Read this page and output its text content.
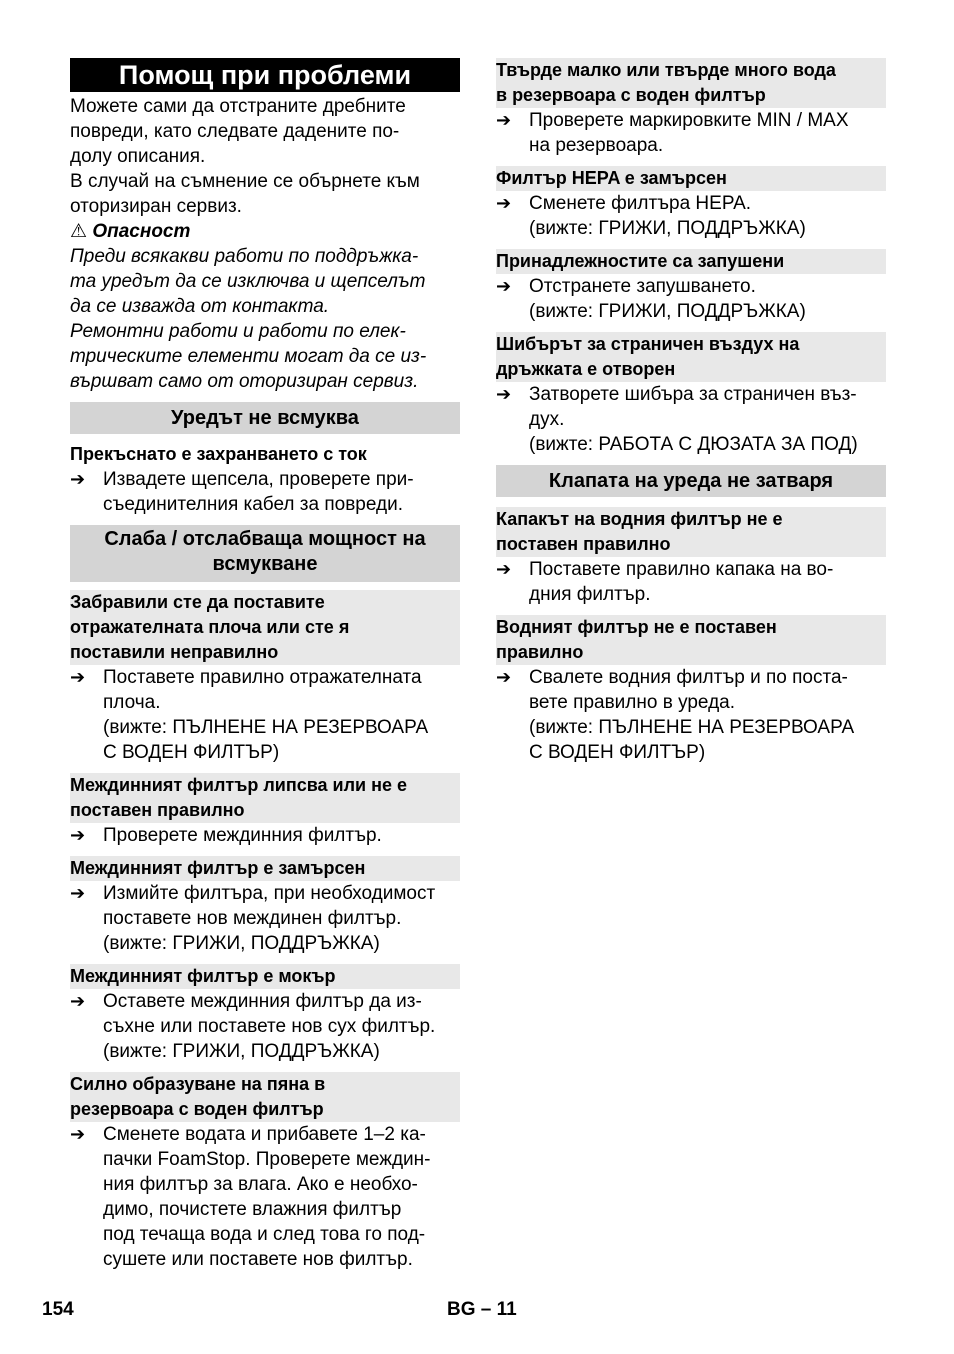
Помощ при проблеми

Можете сами да отстраните дребните
повреди, като следвате дадените по-
долу описания.

В случай на съмнение се обърнете към
оторизиран сервиз.

⚠ Опасност
Преди всякакви работи по поддръжка-
та уредът да се изключва и щепселът
да се изважда от контакта.
Ремонтни работи и работи по елек-
трическите елементи могат да се из-
вършват само от оторизиран сервиз.
Уредът не всмуква
Прекъснато е захранването с ток
➔ Извадете щепсела, проверете при-
съединителния кабел за повреди.
Слаба / отслабваща мощност на
всмукване
Забравили сте да поставите
отражателната плоча или сте я
поставили неправилно
➔ Поставете правилно отражателната
плоча.
(вижте: ПЪЛНЕНЕ НА РЕЗЕРВОАРА
С ВОДЕН ФИЛТЪР)
Междинният филтър липсва или не е
поставен правилно
➔ Проверете междинния филтър.
Междинният филтър е замърсен
➔ Измийте филтъра, при необходимост
поставете нов междинен филтър.
(вижте: ГРИЖИ, ПОДДРЪЖКА)
Междинният филтър е мокър
➔ Оставете междинния филтър да из-
съхне или поставете нов сух филтър.
(вижте: ГРИЖИ, ПОДДРЪЖКА)
Силно образуване на пяна в
резервоара с воден филтър
➔ Сменете водата и прибавете 1–2 ка-
пачки FoamStop. Проверете междин-
ния филтър за влага. Ако е необхо-
димо, почистете влажния филтър
под течаща вода и след това го под-
сушете или поставете нов филтър.
Твърде малко или твърде много вода
в резервоара с воден филтър
➔ Проверете маркировките MIN / MAX
на резервоара.
Филтър HEPA е замърсен
➔ Сменете филтъра HEPA.
(вижте: ГРИЖИ, ПОДДРЪЖКА)
Принадлежностите са запушени
➔ Отстранете запушването.
(вижте: ГРИЖИ, ПОДДРЪЖКА)
Шибърът за страничен въздух на
дръжката е отворен
➔ Затворете шибъра за страничен въз-
дух.
(вижте: РАБОТА С ДЮЗАТА ЗА ПОД)
Клапата на уреда не затваря
Капакът на водния филтър не е
поставен правилно
➔ Поставете правилно капака на во-
дния филтър.
Водният филтър не е поставен
правилно
➔ Свалете водния филтър и по поста-
вете правилно в уреда.
(вижте: ПЪЛНЕНЕ НА РЕЗЕРВОАРА
С ВОДЕН ФИЛТЪР)
154	BG – 11
